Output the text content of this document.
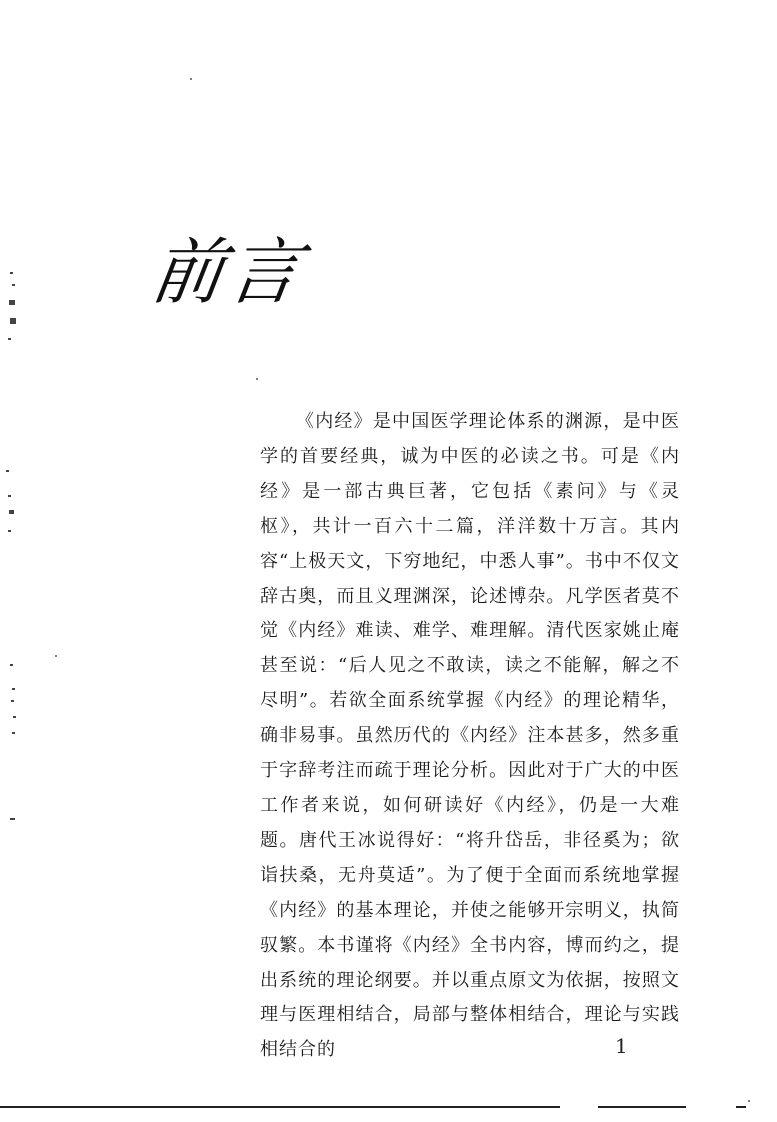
前言

《内经》是中国医学理论体系的渊源，是中医学的首要经典，诚为中医的必读之书。可是《内经》是一部古典巨著，它包括《素问》与《灵枢》，共计一百六十二篇，洋洋数十万言。其内容“上极天文，下穷地纪，中悉人事”。书中不仅文辞古奥，而且义理渊深，论述博杂。凡学医者莫不觉《内经》难读、难学、难理解。清代医家姚止庵甚至说：“后人见之不敢读，读之不能解，解之不尽明”。若欲全面系统掌握《内经》的理论精华，确非易事。虽然历代的《内经》注本甚多，然多重于字辞考注而疏于理论分析。因此对于广大的中医工作者来说，如何研读好《内经》，仍是一大难题。唐代王冰说得好：“将升岱岳，非径奚为；欲诣扶桑，无舟莫适”。为了便于全面而系统地掌握《内经》的基本理论，并使之能够开宗明义，执简驭繁。本书谨将《内经》全书内容，博而约之，提出系统的理论纲要。并以重点原文为依据，按照文理与医理相结合，局部与整体相结合，理论与实践相结合的	1
